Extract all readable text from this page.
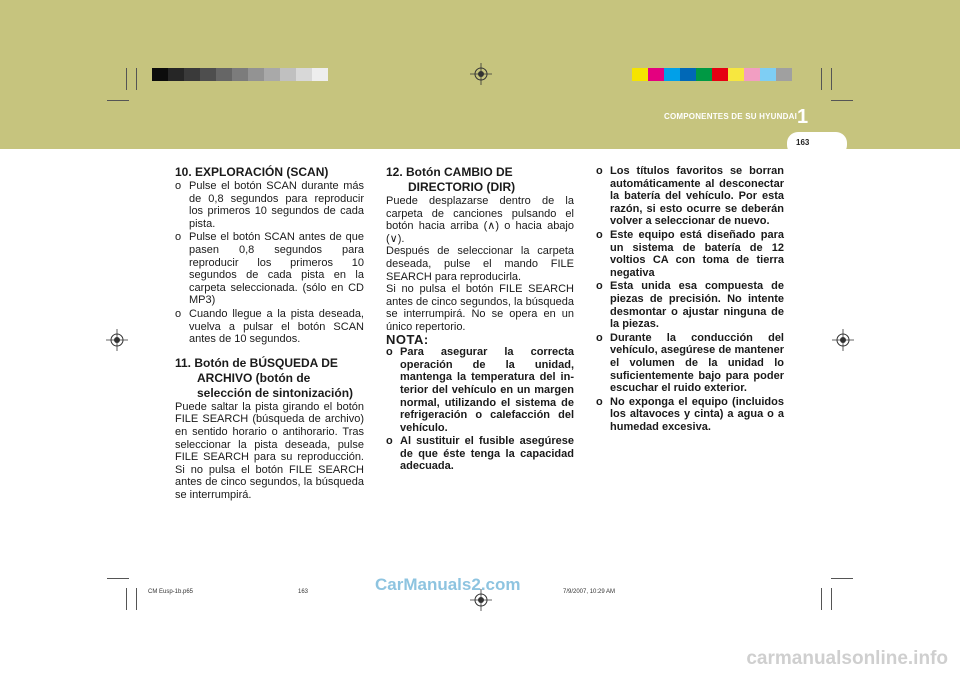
COMPONENTES DE SU HYUNDAI 1
163

10. EXPLORACIÓN (SCAN)

o Pulse el botón SCAN durante más de 0,8 segundos para reproducir los primeros 10 segundos de cada pista.
o Pulse el botón SCAN antes de que pasen 0,8 segundos para reproducir los primeros 10 segundos de cada pista en la carpeta seleccionada. (sólo en CD MP3)
o Cuando llegue a la pista deseada, vuelva a pulsar el botón SCAN antes de 10 segundos.

11. Botón de BÚSQUEDA DE ARCHIVO (botón de selección de sintonización)

Puede saltar la pista girando el botón FILE SEARCH (búsqueda de archivo) en sentido horario o antihorario. Tras seleccionar la pista deseada, pulse FILE SEARCH para su reproducción. Si no pulsa el botón FILE SEARCH antes de cinco segundos, la búsqueda se interrumpirá.

12. Botón CAMBIO DE DIRECTORIO (DIR)

Puede desplazarse dentro de la carpeta de canciones pulsando el botón hacia arriba (∧) o hacia abajo (∨).

Después de seleccionar la carpeta deseada, pulse el mando FILE SEARCH para reproducirla.

Si no pulsa el botón FILE SEARCH antes de cinco segundos, la búsqueda se interrumpirá. No se opera en un único repertorio.

NOTA:

o Para asegurar la correcta operación de la unidad, mantenga la temperatura del in-terior del vehículo en un margen normal, utilizando el sistema de refrigeración o calefacción del vehículo.
o Al sustituir el fusible asegúrese de que éste tenga la capacidad adecuada.
o Los títulos favoritos se borran automáticamente al desconectar la batería del vehículo. Por esta razón, si esto ocurre se deberán volver a seleccionar de nuevo.
o Este equipo está diseñado para un sistema de batería de 12 voltios CA con toma de tierra negativa
o Esta unida esa compuesta de piezas de precisión. No intente desmontar o ajustar ninguna de la piezas.
o Durante la conducción del vehículo, asegúrese de mantener el volumen de la unidad lo suficientemente bajo para poder escuchar el ruido exterior.
o No exponga el equipo (incluidos los altavoces y cinta) a agua o a humedad excesiva.
CM Eusp-1b.p65	163	7/9/2007, 10:29 AM
CarManuals2.com
carmanualsonline.info
